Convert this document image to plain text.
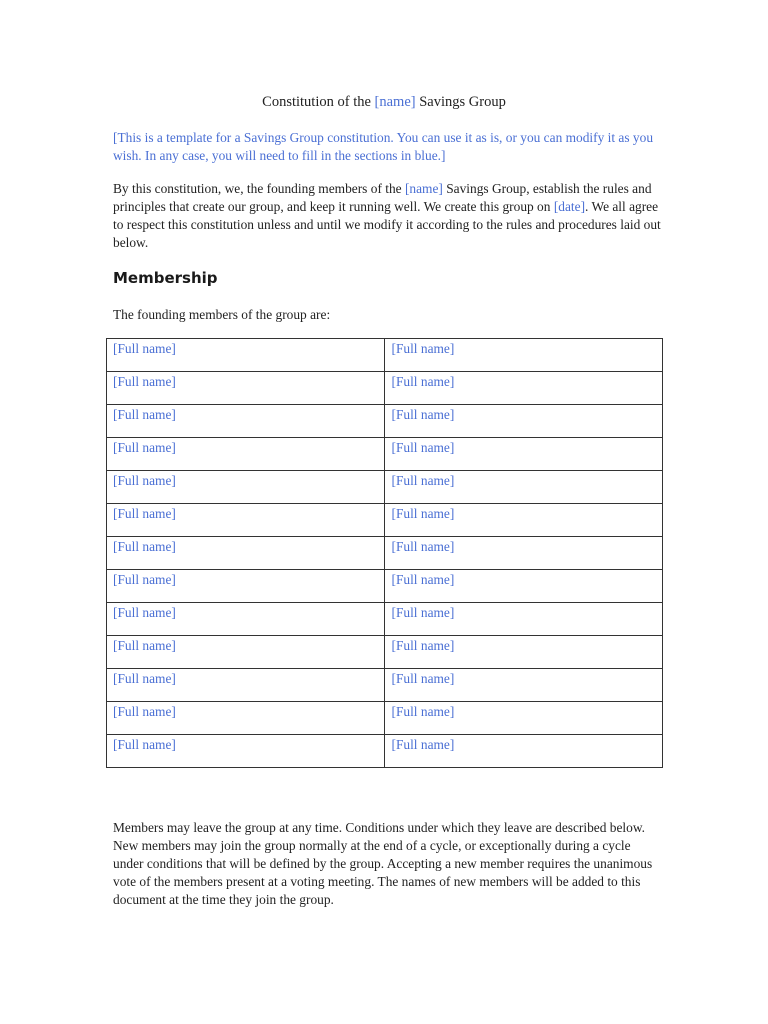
Constitution of the [name] Savings Group

[This is a template for a Savings Group constitution. You can use it as is, or you can modify it as you wish. In any case, you will need to fill in the sections in blue.]

By this constitution, we, the founding members of the [name] Savings Group, establish the rules and principles that create our group, and keep it running well. We create this group on [date]. We all agree to respect this constitution unless and until we modify it according to the rules and procedures laid out below.

Membership

The founding members of the group are:

[Full name]	[Full name]

[Full name]	[Full name]

[Full name]	[Full name]

[Full name]	[Full name]

[Full name]	[Full name]

[Full name]	[Full name]

[Full name]	[Full name]

[Full name]	[Full name]

[Full name]	[Full name]

[Full name]	[Full name]

[Full name]	[Full name]

[Full name]	[Full name]

[Full name]	[Full name]

Members may leave the group at any time. Conditions under which they leave are described below. New members may join the group normally at the end of a cycle, or exceptionally during a cycle under conditions that will be defined by the group. Accepting a new member requires the unanimous vote of the members present at a voting meeting. The names of new members will be added to this document at the time they join the group.
